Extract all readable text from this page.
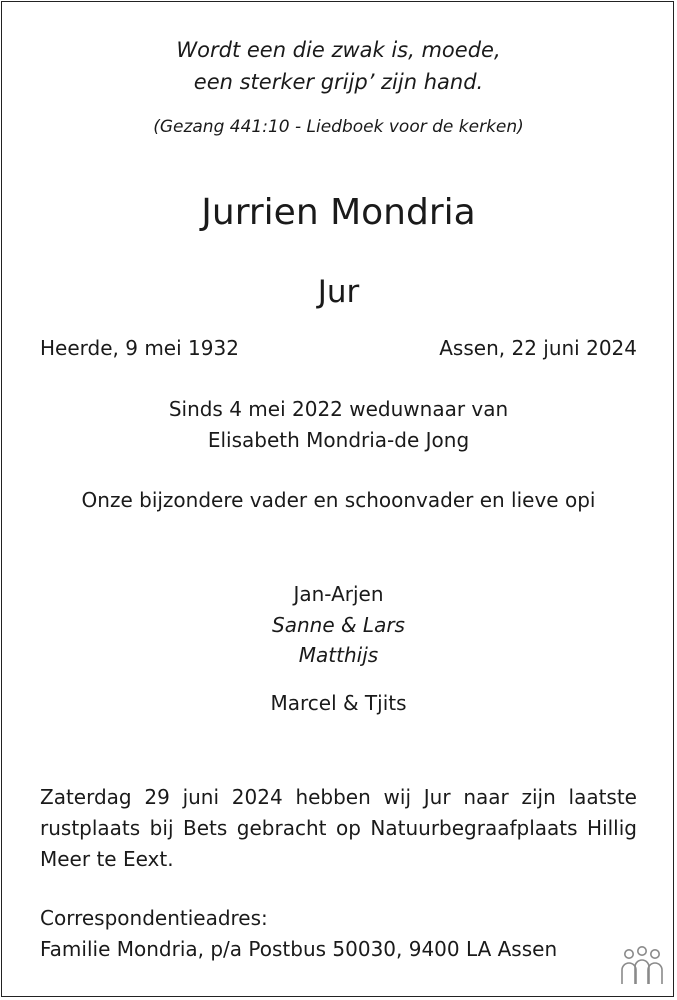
Wordt een die zwak is, moede,
een sterker grijp’ zijn hand.
(Gezang 441:10 - Liedboek voor de kerken)
Jurrien Mondria
Jur
Heerde, 9 mei 1932	Assen, 22 juni 2024
Sinds 4 mei 2022 weduwnaar van
Elisabeth Mondria-de Jong
Onze bijzondere vader en schoonvader en lieve opi
Jan-Arjen
Sanne & Lars
Matthijs
Marcel & Tjits
Zaterdag 29 juni 2024 hebben wij Jur naar zijn laatste rustplaats bij Bets gebracht op Natuurbegraafplaats Hillig Meer te Eext.
Correspondentieadres:
Familie Mondria, p/a Postbus 50030, 9400 LA Assen
